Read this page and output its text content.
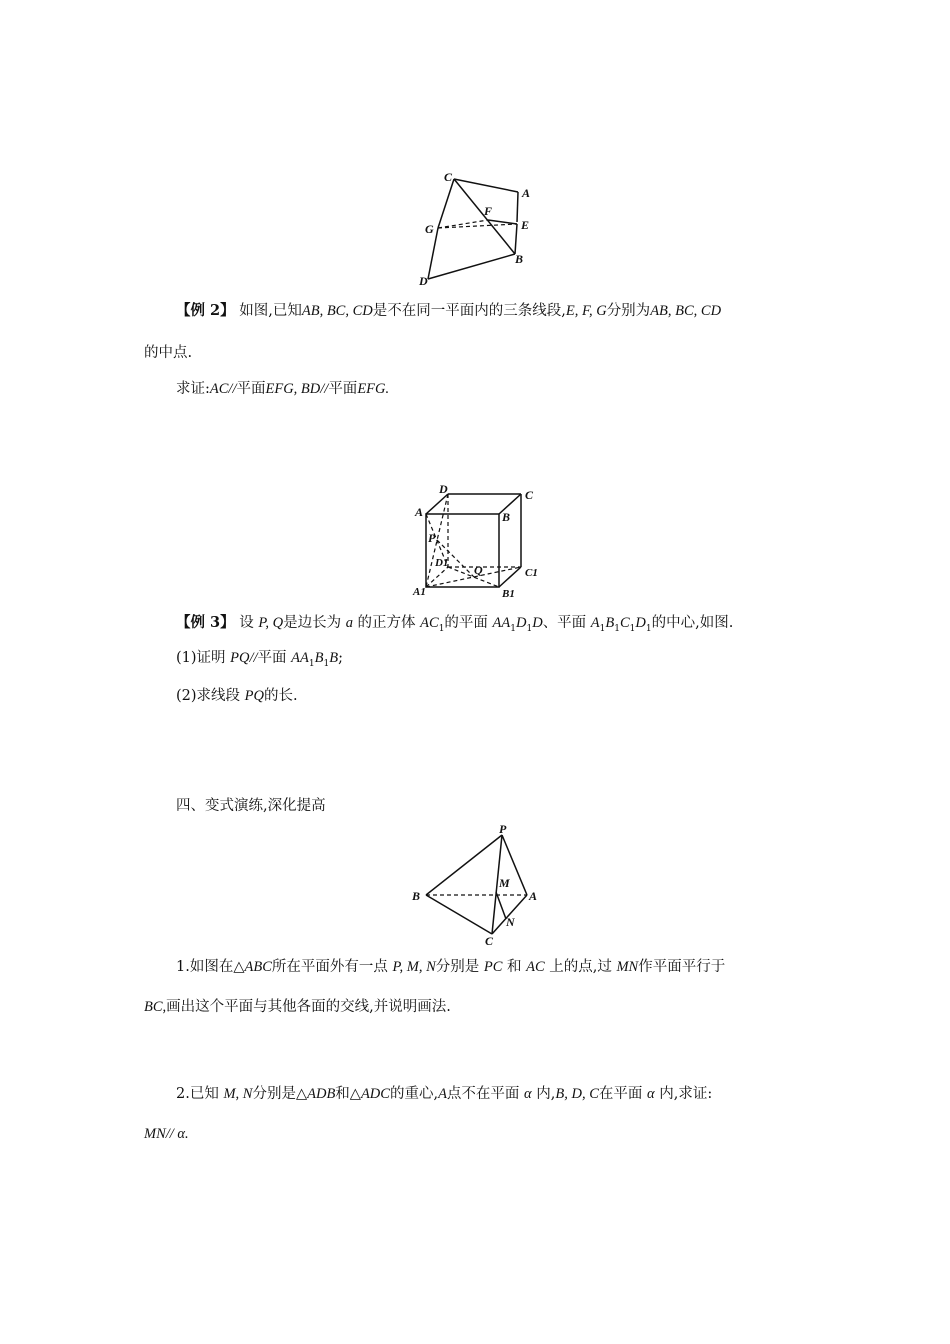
C
A
F
E
G
B
D
【例 2】 如图,已知AB, BC, CD是不在同一平面内的三条线段,E, F, G分别为AB, BC, CD
的中点.
求证:AC//平面EFG, BD//平面EFG.
D	C
A	B
P
D1 Q	C1
A1	B1
【例 3】 设 P, Q是边长为 a 的正方体 $AC_1$的平面 $AA_1D_1D$、平面 $A_1B_1C_1D_1$的中心,如图.
(1)证明 PQ//平面 $AA_1B_1B$;
(2)求线段 PQ的长.
四、变式演练,深化提高
P
M
B	A
N
C
1.如图在△ABC所在平面外有一点 P, M, N分别是 PC 和 AC 上的点,过 MN作平面平行于
BC,画出这个平面与其他各面的交线,并说明画法.
2.已知 M, N分别是△ADB和△ADC的重心,A点不在平面 α 内,B, D, C在平面 α 内,求证:
MN// α.
